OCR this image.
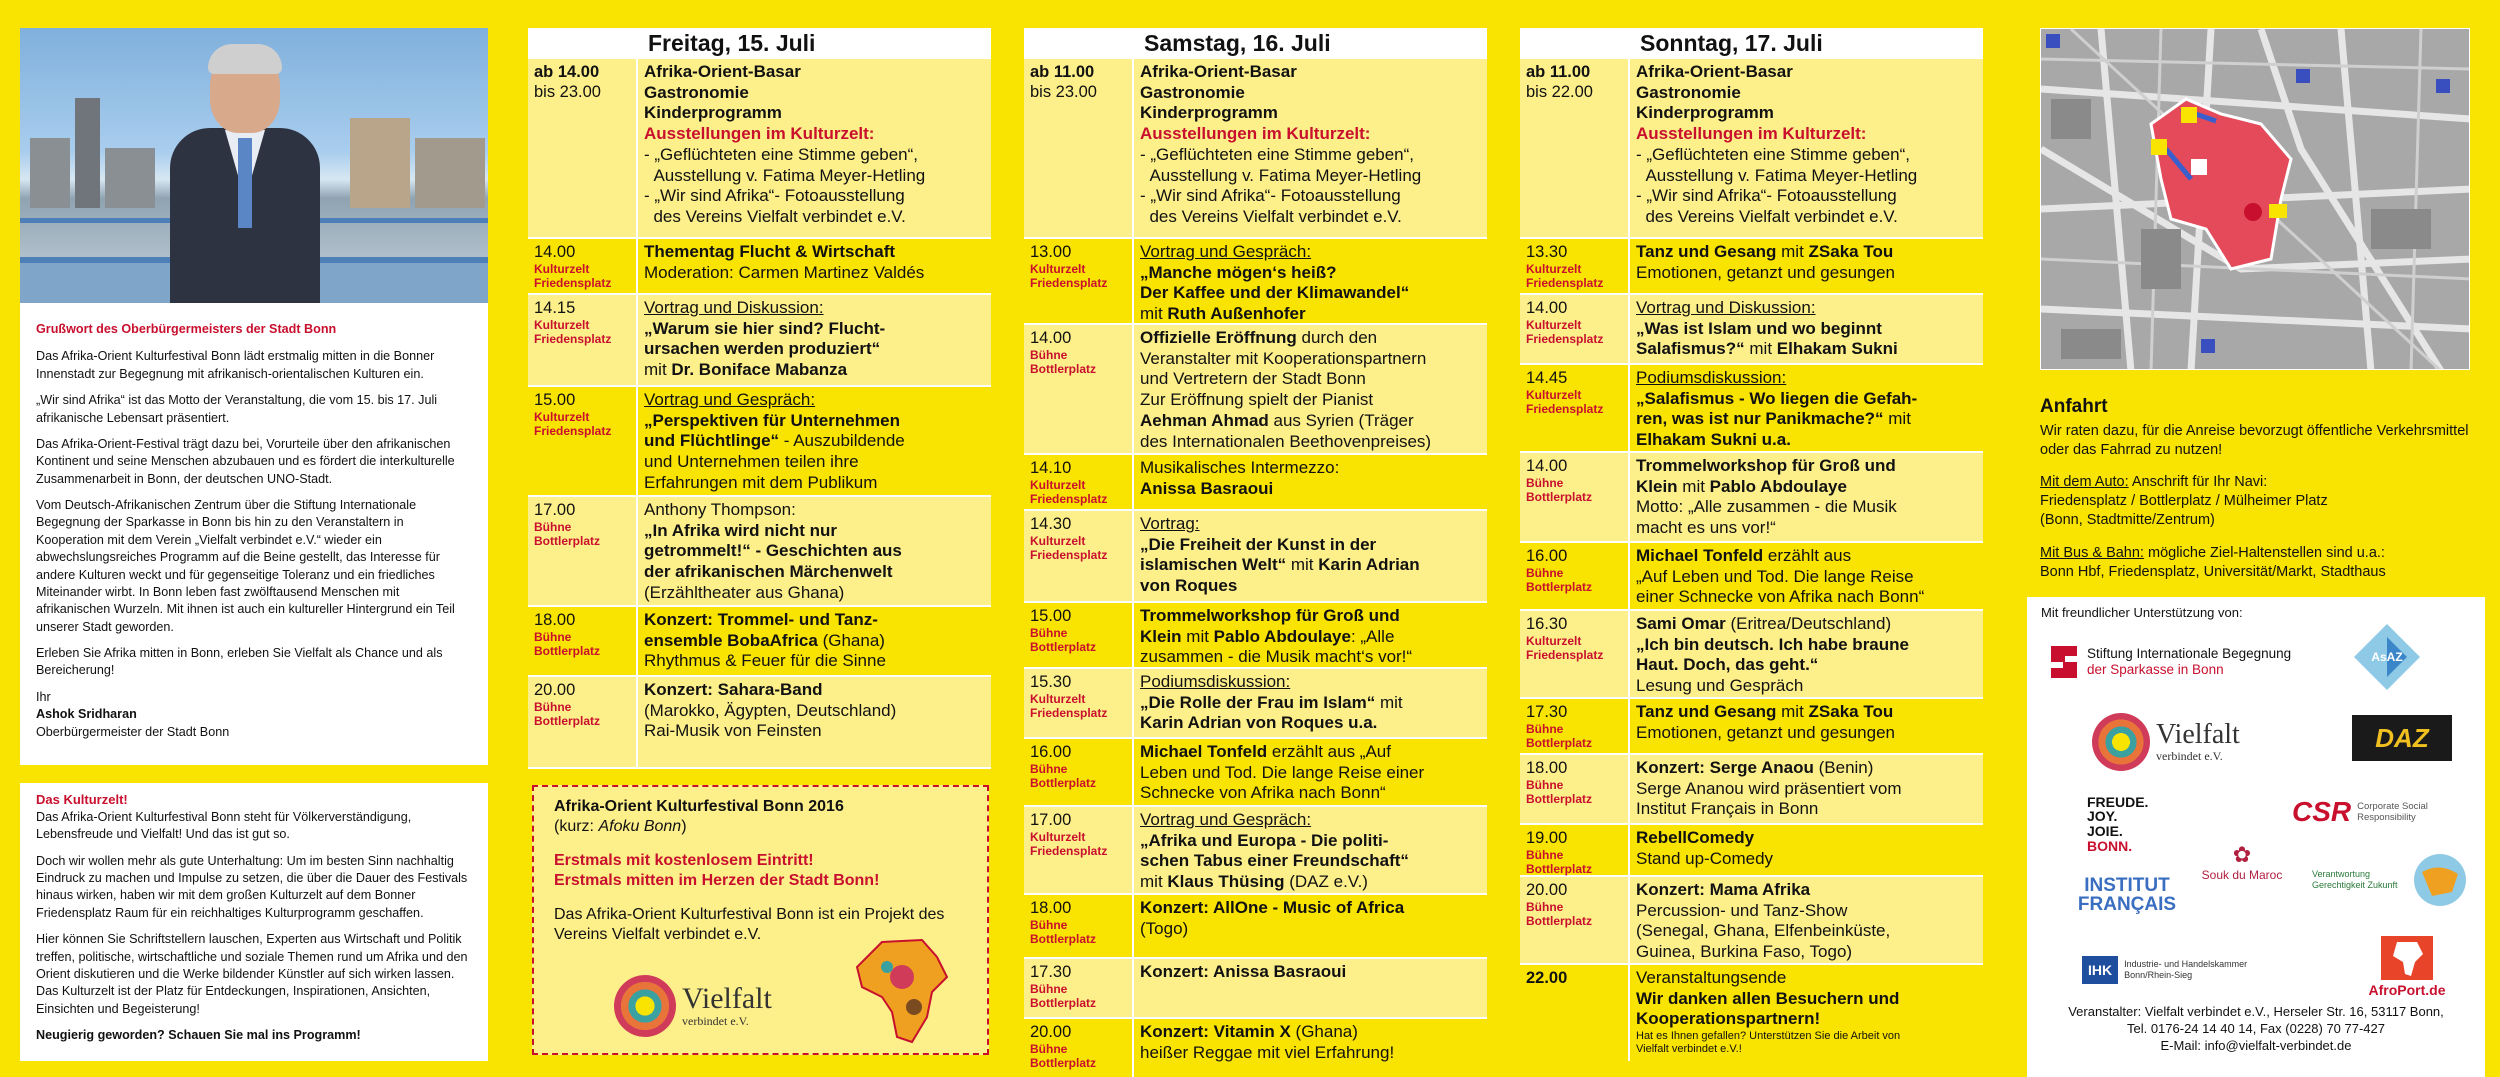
Grußwort des Oberbürgermeisters der Stadt Bonn

Das Afrika-Orient Kulturfestival Bonn lädt erstmalig mitten in die Bonner Innenstadt zur Begegnung mit afrikanisch-orientalischen Kulturen ein.

„Wir sind Afrika“ ist das Motto der Veranstaltung, die vom 15. bis 17. Juli afrikanische Lebensart präsentiert.

Das Afrika-Orient-Festival trägt dazu bei, Vorurteile über den afrikanischen Kontinent und seine Menschen abzubauen und es fördert die interkulturelle Zusammenarbeit in Bonn, der deutschen UNO-Stadt.

Vom Deutsch-Afrikanischen Zentrum über die Stiftung Internationale Begegnung der Sparkasse in Bonn bis hin zu den Veranstaltern in Kooperation mit dem Verein „Vielfalt verbindet e.V.“ wieder ein abwechslungsreiches Programm auf die Beine gestellt, das Interesse für andere Kulturen weckt und für gegenseitige Toleranz und ein friedliches Miteinander wirbt. In Bonn leben fast zwölftausend Menschen mit afrikanischen Wurzeln. Mit ihnen ist auch ein kultureller Hintergrund ein Teil unserer Stadt geworden.

Erleben Sie Afrika mitten in Bonn, erleben Sie Vielfalt als Chance und als Bereicherung!

Ihr
Ashok Sridharan
Oberbürgermeister der Stadt Bonn
Das Kulturzelt!

Das Afrika-Orient Kulturfestival Bonn steht für Völkerverständigung, Lebensfreude und Vielfalt! Und das ist gut so.

Doch wir wollen mehr als gute Unterhaltung: Um im besten Sinn nachhaltig Eindruck zu machen und Impulse zu setzen, die über die Dauer des Festivals hinaus wirken, haben wir mit dem großen Kulturzelt auf dem Bonner Friedensplatz Raum für ein reichhaltiges Kulturprogramm geschaffen.

Hier können Sie Schriftstellern lauschen, Experten aus Wirtschaft und Politik treffen, politische, wirtschaftliche und soziale Themen rund um Afrika und den Orient diskutieren und die Werke bildender Künstler auf sich wirken lassen. Das Kulturzelt ist der Platz für Entdeckungen, Inspirationen, Ansichten, Einsichten und Begeisterung!

Neugierig geworden? Schauen Sie mal ins Programm!

Freitag, 15. Juli
ab 14.00
bis 23.00
Afrika-Orient-Basar
Gastronomie
Kinderprogramm
Ausstellungen im Kulturzelt:
- „Geflüchteten eine Stimme geben“,
Ausstellung v. Fatima Meyer-Hetling
- „Wir sind Afrika“- Fotoausstellung
des Vereins Vielfalt verbindet e.V.
14.00
Kulturzelt
Friedensplatz
Thementag Flucht & Wirtschaft
Moderation: Carmen Martinez Valdés
14.15
Kulturzelt
Friedensplatz
Vortrag und Diskussion:
„Warum sie hier sind? Flucht-
ursachen werden produziert“
mit Dr. Boniface Mabanza
15.00
Kulturzelt
Friedensplatz
Vortrag und Gespräch:
„Perspektiven für Unternehmen
und Flüchtlinge“ - Auszubildende
und Unternehmen teilen ihre
Erfahrungen mit dem Publikum
17.00
Bühne
Bottlerplatz
Anthony Thompson:
„In Afrika wird nicht nur
getrommelt!“ - Geschichten aus
der afrikanischen Märchenwelt
(Erzähltheater aus Ghana)
18.00
Bühne
Bottlerplatz
Konzert: Trommel- und Tanz-
ensemble BobaAfrica (Ghana)
Rhythmus & Feuer für die Sinne
20.00
Bühne
Bottlerplatz
Konzert: Sahara-Band
(Marokko, Ägypten, Deutschland)
Rai-Musik von Feinsten
Afrika-Orient Kulturfestival Bonn 2016

(kurz: Afoku Bonn)

Erstmals mit kostenlosem Eintritt!

Erstmals mitten im Herzen der Stadt Bonn!

Das Afrika-Orient Kulturfestival Bonn ist ein Projekt des Vereins Vielfalt verbindet e.V.

Vielfalt
verbindet e.V.
Samstag, 16. Juli
ab 11.00
bis 23.00
Afrika-Orient-Basar
Gastronomie
Kinderprogramm
Ausstellungen im Kulturzelt:
- „Geflüchteten eine Stimme geben“,
Ausstellung v. Fatima Meyer-Hetling
- „Wir sind Afrika“- Fotoausstellung
des Vereins Vielfalt verbindet e.V.
13.00
Kulturzelt
Friedensplatz
Vortrag und Gespräch:
„Manche mögen‘s heiß?
Der Kaffee und der Klimawandel“
mit Ruth Außenhofer
14.00
Bühne
Bottlerplatz
Offizielle Eröffnung durch den
Veranstalter mit Kooperationspartnern
und Vertretern der Stadt Bonn
Zur Eröffnung spielt der Pianist
Aehman Ahmad aus Syrien (Träger
des Internationalen Beethovenpreises)
14.10
Kulturzelt
Friedensplatz
Musikalisches Intermezzo:
Anissa Basraoui
14.30
Kulturzelt
Friedensplatz
Vortrag:
„Die Freiheit der Kunst in der
islamischen Welt“ mit Karin Adrian
von Roques
15.00
Bühne
Bottlerplatz
Trommelworkshop für Groß und
Klein mit Pablo Abdoulaye: „Alle
zusammen - die Musik macht‘s vor!“
15.30
Kulturzelt
Friedensplatz
Podiumsdiskussion:
„Die Rolle der Frau im Islam“ mit
Karin Adrian von Roques u.a.
16.00
Bühne
Bottlerplatz
Michael Tonfeld erzählt aus „Auf
Leben und Tod. Die lange Reise einer
Schnecke von Afrika nach Bonn“
17.00
Kulturzelt
Friedensplatz
Vortrag und Gespräch:
„Afrika und Europa - Die politi-
schen Tabus einer Freundschaft“
mit Klaus Thüsing (DAZ e.V.)
18.00
Bühne
Bottlerplatz
Konzert: AllOne - Music of Africa
(Togo)
17.30
Bühne
Bottlerplatz
Konzert: Anissa Basraoui
20.00
Bühne
Bottlerplatz
Konzert: Vitamin X (Ghana)
heißer Reggae mit viel Erfahrung!
Sonntag, 17. Juli
ab 11.00
bis 22.00
Afrika-Orient-Basar
Gastronomie
Kinderprogramm
Ausstellungen im Kulturzelt:
- „Geflüchteten eine Stimme geben“,
Ausstellung v. Fatima Meyer-Hetling
- „Wir sind Afrika“- Fotoausstellung
des Vereins Vielfalt verbindet e.V.
13.30
Kulturzelt
Friedensplatz
Tanz und Gesang mit ZSaka Tou
Emotionen, getanzt und gesungen
14.00
Kulturzelt
Friedensplatz
Vortrag und Diskussion:
„Was ist Islam und wo beginnt
Salafismus?“ mit Elhakam Sukni
14.45
Kulturzelt
Friedensplatz
Podiumsdiskussion:
„Salafismus - Wo liegen die Gefah-
ren, was ist nur Panikmache?“ mit
Elhakam Sukni u.a.
14.00
Bühne
Bottlerplatz
Trommelworkshop für Groß und
Klein mit Pablo Abdoulaye
Motto: „Alle zusammen - die Musik
macht es uns vor!“
16.00
Bühne
Bottlerplatz
Michael Tonfeld erzählt aus
„Auf Leben und Tod. Die lange Reise
einer Schnecke von Afrika nach Bonn“
16.30
Kulturzelt
Friedensplatz
Sami Omar (Eritrea/Deutschland)
„Ich bin deutsch. Ich habe braune
Haut. Doch, das geht.“
Lesung und Gespräch
17.30
Bühne
Bottlerplatz
Tanz und Gesang mit ZSaka Tou
Emotionen, getanzt und gesungen
18.00
Bühne
Bottlerplatz
Konzert: Serge Anaou (Benin)
Serge Ananou wird präsentiert vom
Institut Français in Bonn
19.00
Bühne
Bottlerplatz
RebellComedy
Stand up-Comedy
20.00
Bühne
Bottlerplatz
Konzert: Mama Afrika
Percussion- und Tanz-Show
(Senegal, Ghana, Elfenbeinküste,
Guinea, Burkina Faso, Togo)
22.00	Veranstaltungsende
Wir danken allen Besuchern und
Kooperationspartnern!
Hat es Ihnen gefallen? Unterstützen Sie die Arbeit von
Vielfalt verbindet e.V.!
Anfahrt

Wir raten dazu, für die Anreise bevorzugt öffentliche Verkehrsmittel oder das Fahrrad zu nutzen!

Mit dem Auto: Anschrift für Ihr Navi:
Friedensplatz / Bottlerplatz / Mülheimer Platz
(Bonn, Stadtmitte/Zentrum)

Mit Bus & Bahn: mögliche Ziel-Haltenstellen sind u.a.:
Bonn Hbf, Friedensplatz, Universität/Markt, Stadthaus

Mit freundlicher Unterstützung von:
Stiftung Internationale Begegnung
der Sparkasse in Bonn
AsAZ
Vielfalt
verbindet e.V.
DAZ
FREUDE.
JOY.
JOIE.
BONN.
CSR Corporate Social Responsibility
✿
Souk du Maroc
INSTITUT
FRANÇAIS
Verantwortung Gerechtigkeit Zukunft
IHK	Industrie- und Handelskammer Bonn/Rhein-Sieg
AfroPort.de
Veranstalter: Vielfalt verbindet e.V., Herseler Str. 16, 53117 Bonn,
Tel. 0176-24 14 40 14, Fax (0228) 70 77-427
E-Mail: info@vielfalt-verbindet.de
